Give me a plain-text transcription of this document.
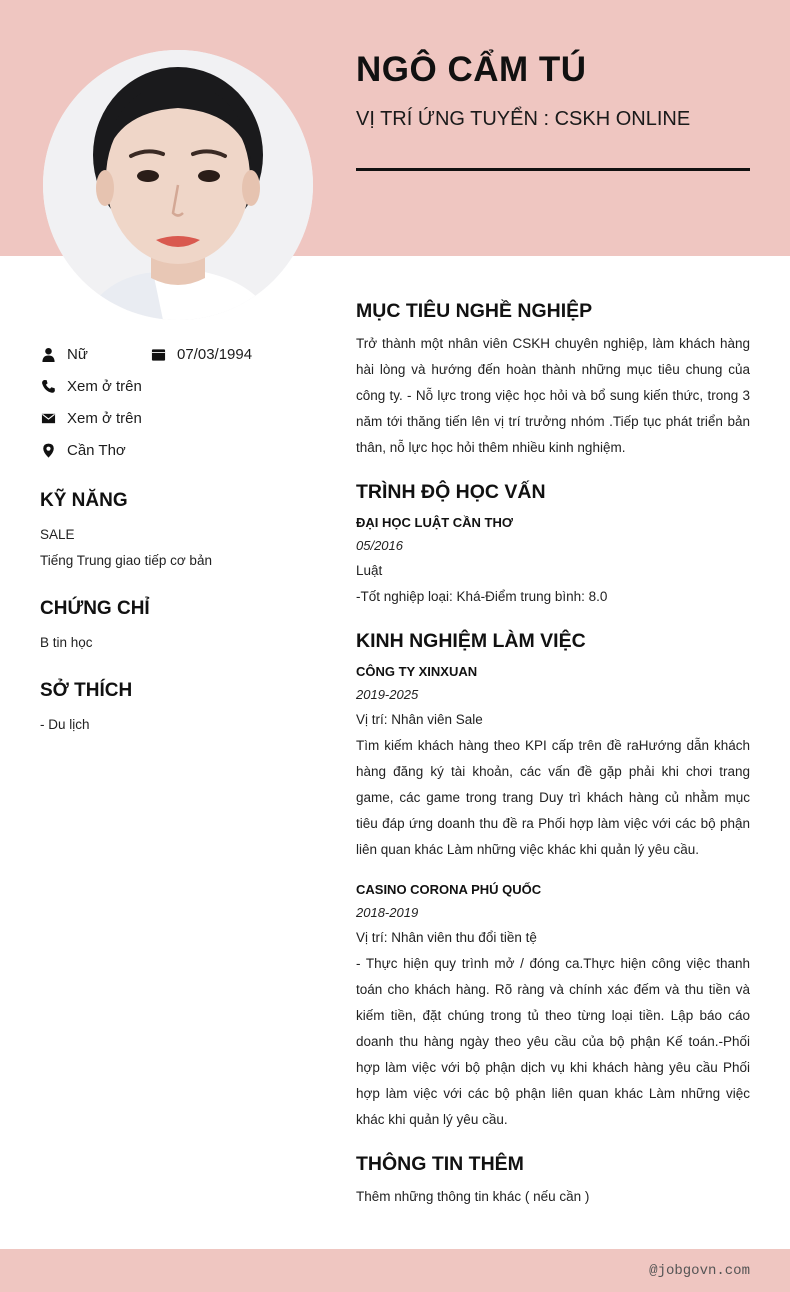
NGÔ CẨM TÚ
VỊ TRÍ ỨNG TUYỂN : CSKH ONLINE
Nữ	07/03/1994
Xem ở trên
Xem ở trên
Cần Thơ
KỸ NĂNG
SALE
Tiếng Trung giao tiếp cơ bản
CHỨNG CHỈ
B tin học
SỞ THÍCH
- Du lịch
MỤC TIÊU NGHỀ NGHIỆP
Trở thành một nhân viên CSKH chuyên nghiệp, làm khách hàng hài lòng và hướng đến hoàn thành những mục tiêu chung của công ty. - Nỗ lực trong việc học hỏi và bổ sung kiến thức, trong 3 năm tới thăng tiến lên vị trí trưởng nhóm .Tiếp tục phát triển bản thân, nỗ lực học hỏi thêm nhiều kinh nghiệm.
TRÌNH ĐỘ HỌC VẤN
ĐẠI HỌC LUẬT CẦN THƠ
05/2016
Luật
-Tốt nghiệp loại: Khá-Điểm trung bình: 8.0
KINH NGHIỆM LÀM VIỆC
CÔNG TY XINXUAN
2019-2025
Vị trí: Nhân viên Sale
Tìm kiếm khách hàng theo KPI cấp trên đề raHướng dẫn khách hàng đăng ký tài khoản, các vấn đề gặp phải khi chơi trang game, các game trong trang Duy trì khách hàng củ nhằm mục tiêu đáp ứng doanh thu đề ra Phối hợp làm việc với các bộ phận liên quan khác Làm những việc khác khi quản lý yêu cầu.
CASINO CORONA PHÚ QUỐC
2018-2019
Vị trí: Nhân viên thu đổi tiền tệ
- Thực hiện quy trình mở / đóng ca.Thực hiện công việc thanh toán cho khách hàng. Rõ ràng và chính xác đếm và thu tiền và kiếm tiền, đặt chúng trong tủ theo từng loại tiền. Lập báo cáo doanh thu hàng ngày theo yêu cầu của bộ phận Kế toán.-Phối hợp làm việc với bộ phận dịch vụ khi khách hàng yêu cầu Phối hợp làm việc với các bộ phận liên quan khác Làm những việc khác khi quản lý yêu cầu.
THÔNG TIN THÊM
Thêm những thông tin khác ( nếu cần )
@jobgovn.com
